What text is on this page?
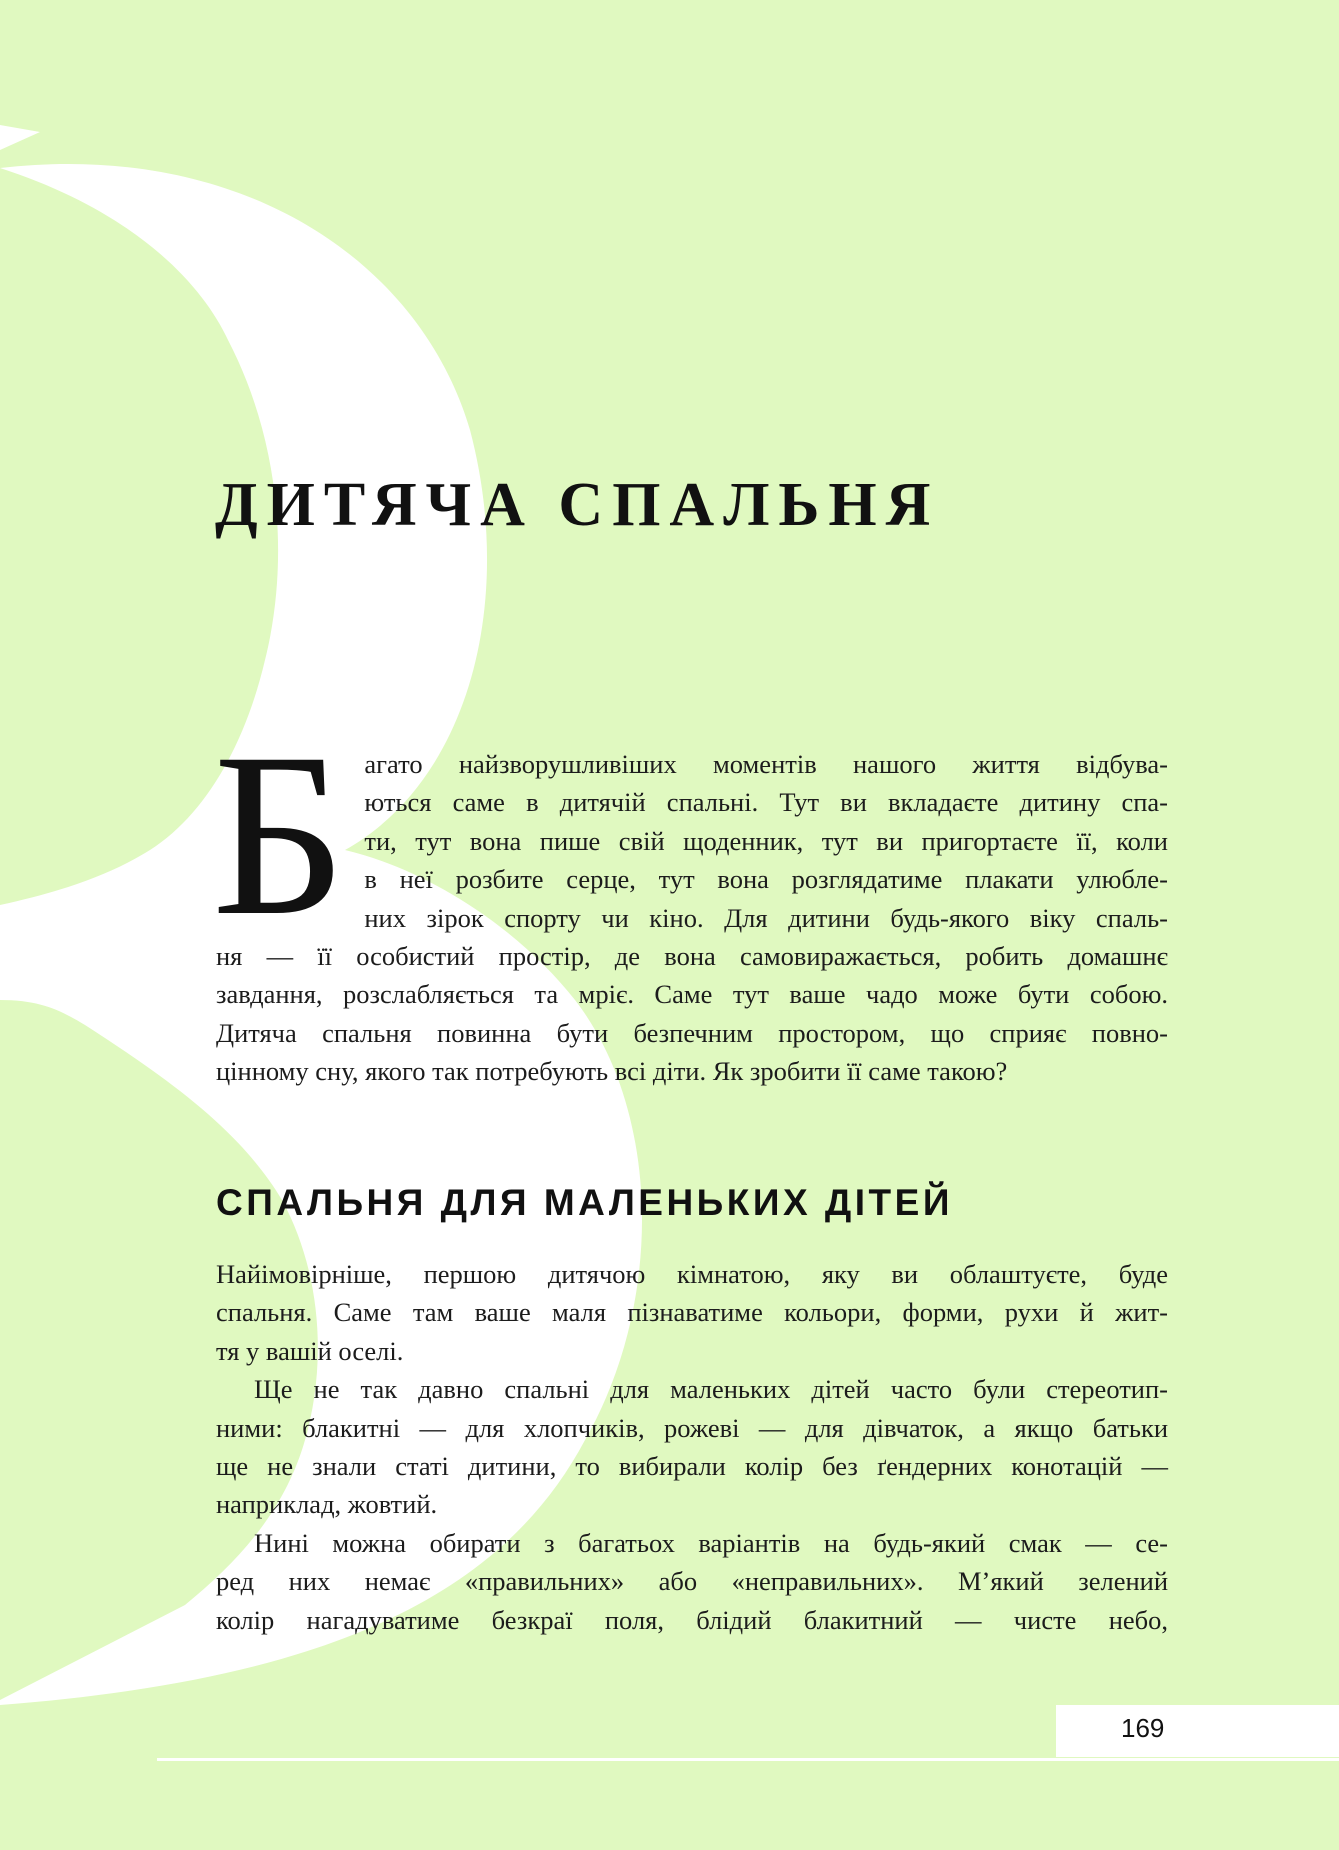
ДИТЯЧА СПАЛЬНЯ
Б агато найзворушливіших моментів нашого життя відбува-
ються саме в дитячій спальні. Тут ви вкладаєте дитину спа-
ти, тут вона пише свій щоденник, тут ви пригортаєте її, коли
в неї розбите серце, тут вона розглядатиме плакати улюбле-
них зірок спорту чи кіно. Для дитини будь-якого віку спаль-
ня — її особистий простір, де вона самовиражається, робить домашнє
завдання, розслабляється та мріє. Саме тут ваше чадо може бути собою.
Дитяча спальня повинна бути безпечним простором, що сприяє повно-
цінному сну, якого так потребують всі діти. Як зробити її саме такою?
СПАЛЬНЯ ДЛЯ МАЛЕНЬКИХ ДІТЕЙ
Найімовірніше, першою дитячою кімнатою, яку ви облаштуєте, буде
спальня. Саме там ваше маля пізнаватиме кольори, форми, рухи й жит-
тя у вашій оселі.
Ще не так давно спальні для маленьких дітей часто були стереотип-
ними: блакитні — для хлопчиків, рожеві — для дівчаток, а якщо батьки
ще не знали статі дитини, то вибирали колір без ґендерних конотацій —
наприклад, жовтий.
Нині можна обирати з багатьох варіантів на будь-який смак — се-
ред них немає «правильних» або «неправильних». М’який зелений
колір нагадуватиме безкраї поля, блідий блакитний — чисте небо,
169
